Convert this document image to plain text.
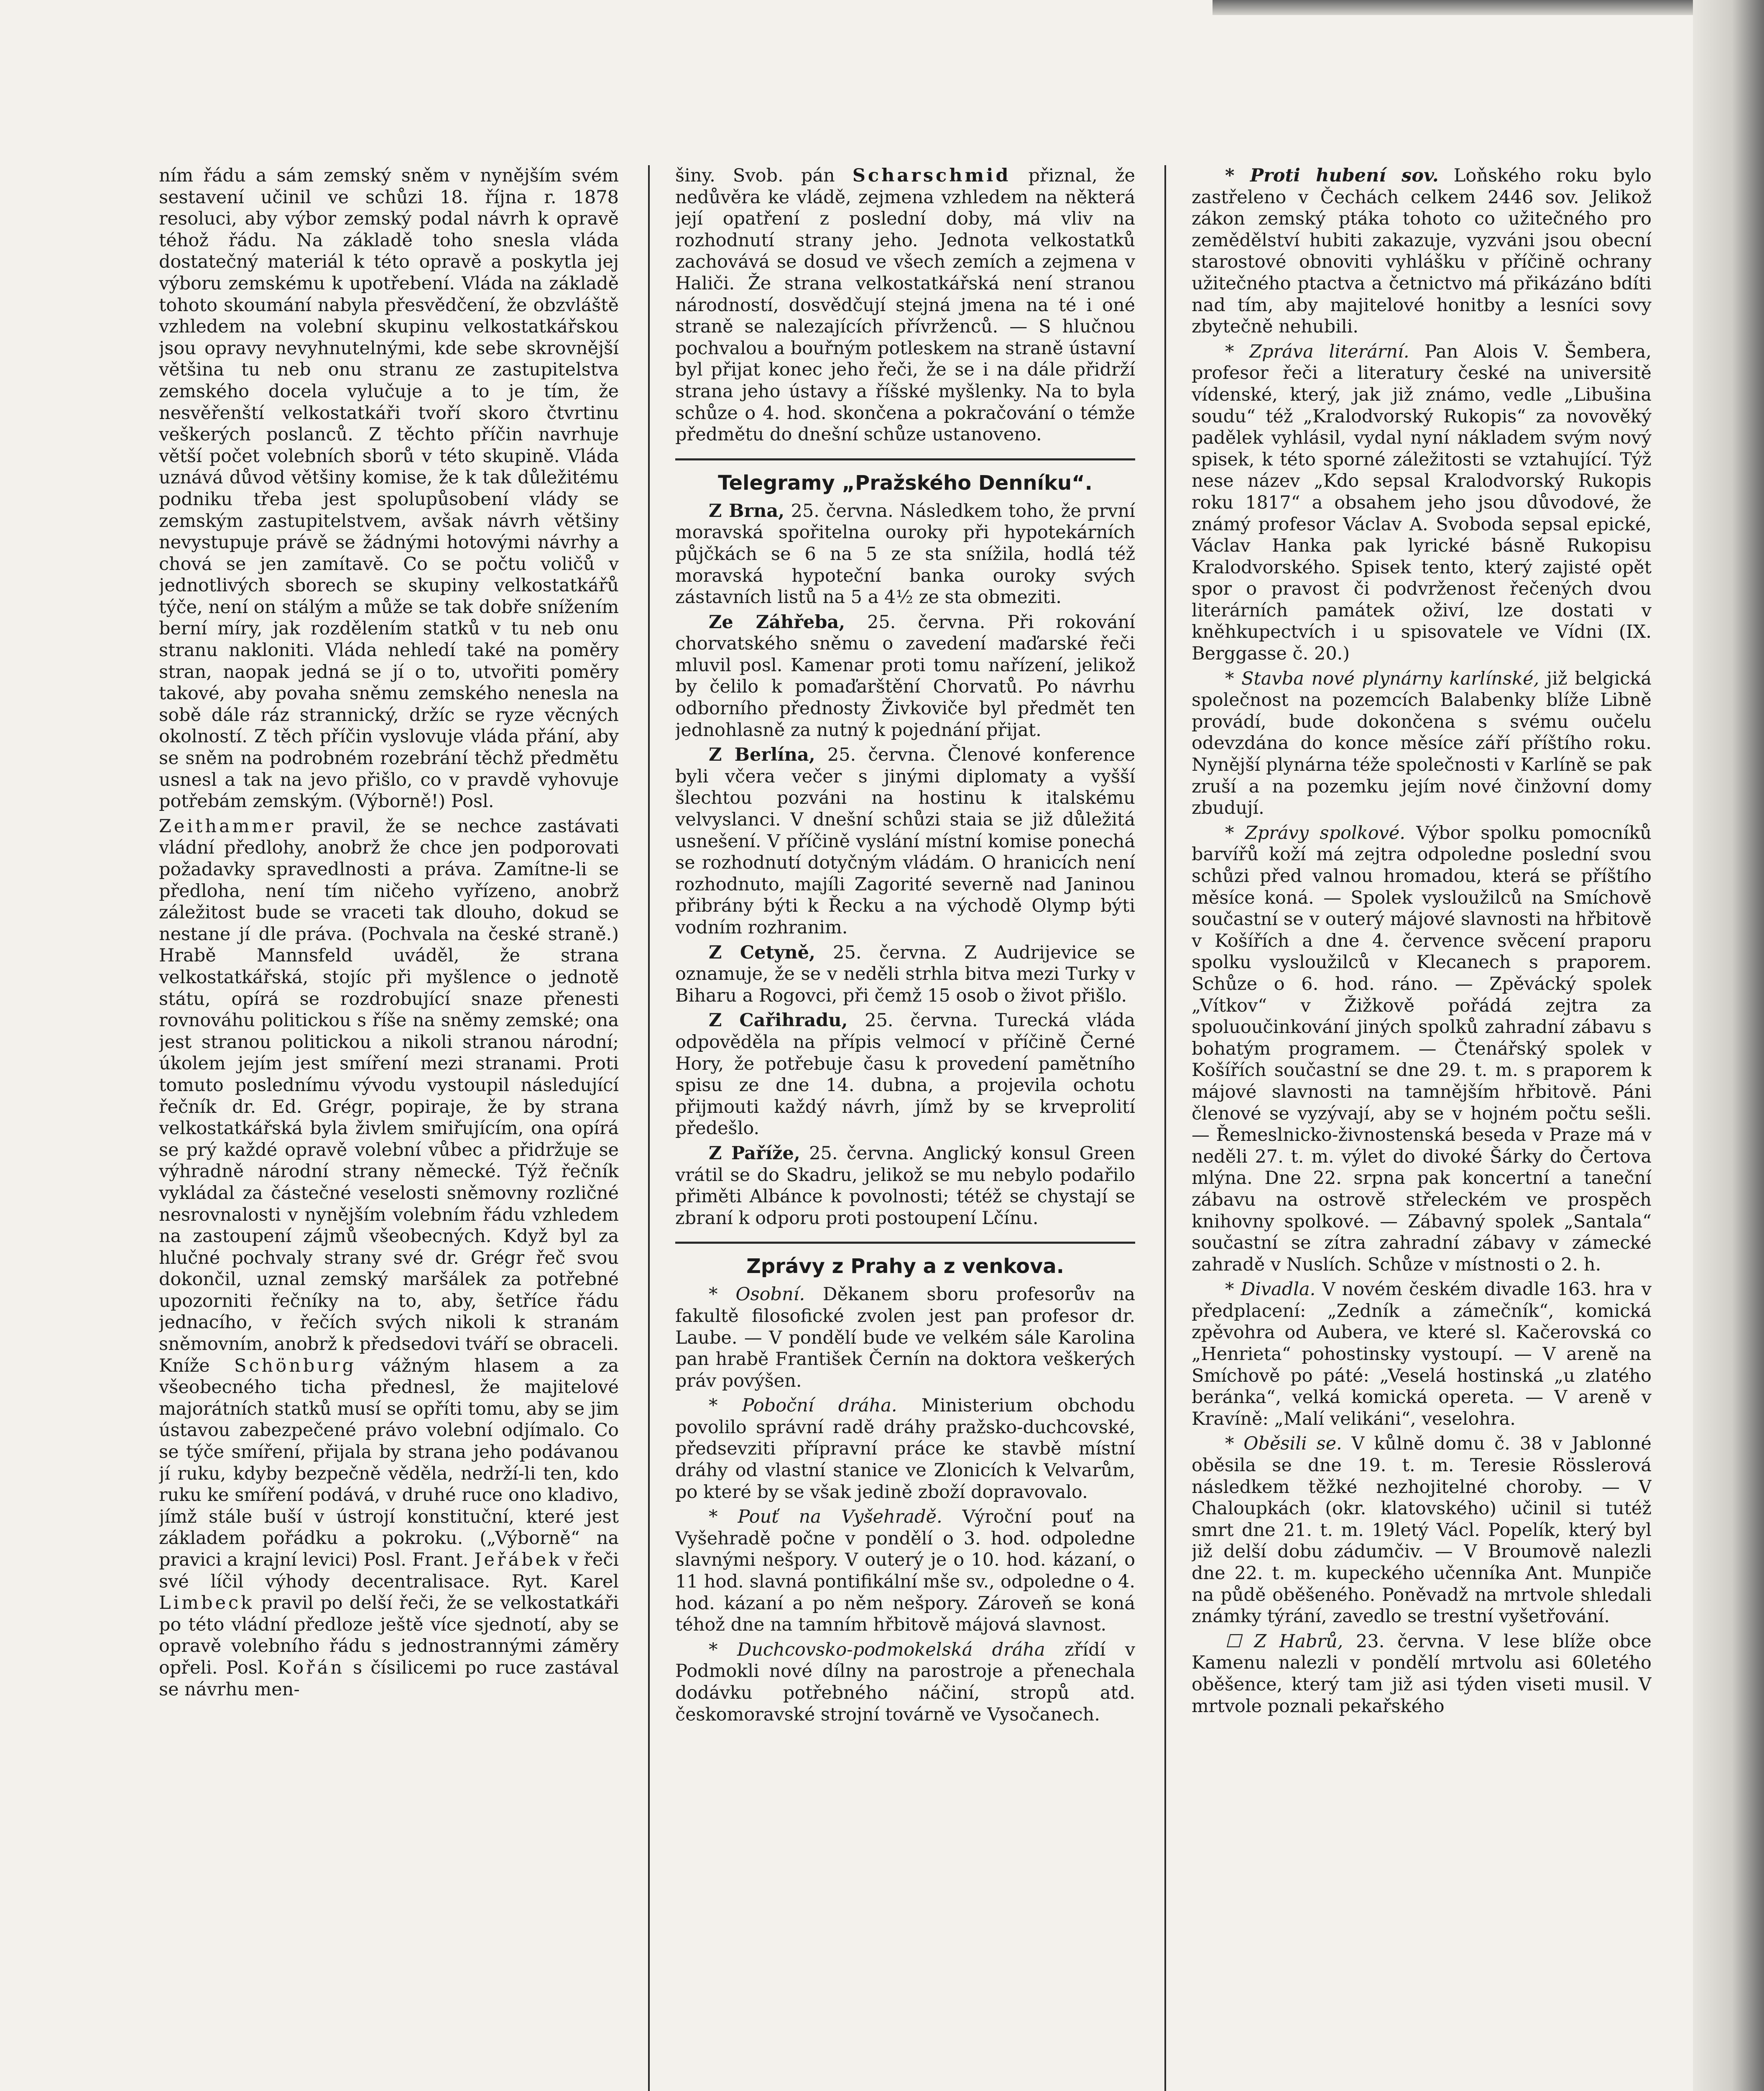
ním řádu a sám zemský sněm v nynějším svém sestavení učinil ve schůzi 18. října r. 1878 resoluci, aby výbor zemský podal návrh k opravě téhož řádu. Na základě toho snesla vláda dostatečný materiál k této opravě a poskytla jej výboru zemskému k upotřebení. Vláda na základě tohoto skoumání nabyla přesvědčení, že obzvláště vzhledem na volební skupinu velkostatkářskou jsou opravy nevyhnutelnými, kde sebe skrovnější většina tu neb onu stranu ze zastupitelstva zemského docela vylučuje a to je tím, že nesvěřenští velkostatkáři tvoří skoro čtvrtinu veškerých poslanců. Z těchto příčin navrhuje větší počet volebních sborů v této skupině. Vláda uznává důvod většiny komise, že k tak důležitému podniku třeba jest spolupůsobení vlády se zemským zastupitelstvem, avšak návrh většiny nevystupuje právě se žádnými hotovými návrhy a chová se jen zamítavě. Co se počtu voličů v jednotlivých sborech se skupiny velkostatkářů týče, není on stálým a může se tak dobře snížením berní míry, jak rozdělením statků v tu neb onu stranu nakloniti. Vláda nehledí také na poměry stran, naopak jedná se jí o to, utvořiti poměry takové, aby povaha sněmu zemského nenesla na sobě dále ráz strannický, držíc se ryze věcných okolností. Z těch příčin vyslovuje vláda přání, aby se sněm na podrobném rozebrání těchž předmětu usnesl a tak na jevo přišlo, co v pravdě vyhovuje potřebám zemským. (Výborně!) Posl.

Zeithammer pravil, že se nechce zastávati vládní předlohy, anobrž že chce jen podporovati požadavky spravedlnosti a práva. Zamítne-li se předloha, není tím ničeho vyřízeno, anobrž záležitost bude se vraceti tak dlouho, dokud se nestane jí dle práva. (Pochvala na české straně.) Hrabě Mannsfeld uváděl, že strana velkostatkářská, stojíc při myšlence o jednotě státu, opírá se rozdrobující snaze přenesti rovnováhu politickou s říše na sněmy zemské; ona jest stranou politickou a nikoli stranou národní; úkolem jejím jest smíření mezi stranami. Proti tomuto poslednímu vývodu vystoupil následující řečník dr. Ed. Grégr, popiraje, že by strana velkostatkářská byla živlem smiřujícím, ona opírá se prý každé opravě volební vůbec a přidržuje se výhradně národní strany německé. Týž řečník vykládal za částečné veselosti sněmovny rozličné nesrovnalosti v nynějším volebním řádu vzhledem na zastoupení zájmů všeobecných. Když byl za hlučné pochvaly strany své dr. Grégr řeč svou dokončil, uznal zemský maršálek za potřebné upozorniti řečníky na to, aby, šetříce řádu jednacího, v řečích svých nikoli k stranám sněmovním, anobrž k předsedovi tváří se obraceli. Kníže Schönburg vážným hlasem a za všeobecného ticha přednesl, že majitelové majorátních statků musí se opříti tomu, aby se jim ústavou zabezpečené právo volební odjímalo. Co se týče smíření, přijala by strana jeho podávanou jí ruku, kdyby bezpečně věděla, nedrží-li ten, kdo ruku ke smíření podává, v druhé ruce ono kladivo, jímž stále buší v ústrojí konstituční, které jest základem pořádku a pokroku. („Výborně“ na pravici a krajní levici) Posl. Frant. Jeřábek v řeči své líčil výhody decentralisace. Ryt. Karel Limbeck pravil po delší řeči, že se velkostatkáři po této vládní předloze ještě více sjednotí, aby se opravě volebního řádu s jednostrannými záměry opřeli. Posl. Kořán s čísilicemi po ruce zastával se návrhu men-

šiny. Svob. pán Scharschmid přiznal, že nedůvěra ke vládě, zejmena vzhledem na některá její opatření z poslední doby, má vliv na rozhodnutí strany jeho. Jednota velkostatků zachovává se dosud ve všech zemích a zejmena v Haliči. Že strana velkostatkářská není stranou národností, dosvědčují stejná jmena na té i oné straně se nalezajících přívrženců. — S hlučnou pochvalou a bouřným potleskem na straně ústavní byl přijat konec jeho řeči, že se i na dále přidrží strana jeho ústavy a říšské myšlenky. Na to byla schůze o 4. hod. skončena a pokračování o témže předmětu do dnešní schůze ustanoveno.

Telegramy „Pražského Denníku“.

Z Brna, 25. června. Následkem toho, že první moravská spořitelna ouroky při hypotekárních půjčkách se 6 na 5 ze sta snížila, hodlá též moravská hypoteční banka ouroky svých zástavních listů na 5 a 4½ ze sta obmeziti.

Ze Záhřeba, 25. června. Při rokování chorvatského sněmu o zavedení maďarské řeči mluvil posl. Kamenar proti tomu nařízení, jelikož by čelilo k pomaďarštění Chorvatů. Po návrhu odborního přednosty Živkoviče byl předmět ten jednohlasně za nutný k pojednání přijat.

Z Berlína, 25. června. Členové konference byli včera večer s jinými diplomaty a vyšší šlechtou pozváni na hostinu k italskému velvyslanci. V dnešní schůzi staia se již důležitá usnešení. V příčině vyslání místní komise ponechá se rozhodnutí dotyčným vládám. O hranicích není rozhodnuto, majíli Zagorité severně nad Janinou přibrány býti k Řecku a na východě Olymp býti vodním rozhranim.

Z Cetyně, 25. června. Z Audrijevice se oznamuje, že se v neděli strhla bitva mezi Turky v Biharu a Rogovci, při čemž 15 osob o život přišlo.

Z Cařihradu, 25. června. Turecká vláda odpověděla na přípis velmocí v příčině Černé Hory, že potřebuje času k provedení pamětního spisu ze dne 14. dubna, a projevila ochotu přijmouti každý návrh, jímž by se krveprolití předešlo.

Z Paříže, 25. června. Anglický konsul Green vrátil se do Skadru, jelikož se mu nebylo podařilo přiměti Albánce k povolnosti; tétéž se chystají se zbraní k odporu proti postoupení Lčínu.

Zprávy z Prahy a z venkova.

* Osobní. Děkanem sboru profesorův na fakultě filosofické zvolen jest pan profesor dr. Laube. — V pondělí bude ve velkém sále Karolina pan hrabě František Černín na doktora veškerých práv povýšen.

* Poboční dráha. Ministerium obchodu povolilo správní radě dráhy pražsko-duchcovské, předsevziti přípravní práce ke stavbě místní dráhy od vlastní stanice ve Zlonicích k Velvarům, po které by se však jedině zboží dopravovalo.

* Pouť na Vyšehradě. Výroční pouť na Vyšehradě počne v pondělí o 3. hod. odpoledne slavnými nešpory. V outerý je o 10. hod. kázaní, o 11 hod. slavná pontifikální mše sv., odpoledne o 4. hod. kázaní a po něm nešpory. Zároveň se koná téhož dne na tamním hřbitově májová slavnost.

* Duchcovsko-podmokelská dráha zřídí v Podmokli nové dílny na parostroje a přenechala dodávku potřebného náčiní, stropů atd. českomoravské strojní továrně ve Vysočanech.

* Proti hubení sov. Loňského roku bylo zastřeleno v Čechách celkem 2446 sov. Jelikož zákon zemský ptáka tohoto co užitečného pro zemědělství hubiti zakazuje, vyzváni jsou obecní starostové obnoviti vyhlášku v příčině ochrany užitečného ptactva a četnictvo má přikázáno bdíti nad tím, aby majitelové honitby a lesníci sovy zbytečně nehubili.

* Zpráva literární. Pan Alois V. Šembera, profesor řeči a literatury české na universitě vídenské, který, jak již známo, vedle „Libušina soudu“ též „Kralodvorský Rukopis“ za novověký padělek vyhlásil, vydal nyní nákladem svým nový spisek, k této sporné záležitosti se vztahující. Týž nese název „Kdo sepsal Kralodvorský Rukopis roku 1817“ a obsahem jeho jsou důvodové, že známý profesor Václav A. Svoboda sepsal epické, Václav Hanka pak lyrické básně Rukopisu Kralodvorského. Spisek tento, který zajisté opět spor o pravost či podvrženost řečených dvou literárních památek oživí, lze dostati v kněhkupectvích i u spisovatele ve Vídni (IX. Berggasse č. 20.)

* Stavba nové plynárny karlínské, již belgická společnost na pozemcích Balabenky blíže Libně provádí, bude dokončena s svému oučelu odevzdána do konce měsíce září příštího roku. Nynější plynárna téže společnosti v Karlíně se pak zruší a na pozemku jejím nové činžovní domy zbudují.

* Zprávy spolkové. Výbor spolku pomocníků barvířů koží má zejtra odpoledne poslední svou schůzi před valnou hromadou, která se příštího měsíce koná. — Spolek vysloužilců na Smíchově součastní se v outerý májové slavnosti na hřbitově v Košířích a dne 4. července svěcení praporu spolku vysloužilců v Klecanech s praporem. Schůze o 6. hod. ráno. — Zpěvácký spolek „Vítkov“ v Žižkově pořádá zejtra za spoluoučinkování jiných spolků zahradní zábavu s bohatým programem. — Čtenářský spolek v Košířích součastní se dne 29. t. m. s praporem k májové slavnosti na tamnějším hřbitově. Páni členové se vyzývají, aby se v hojném počtu sešli. — Řemeslnicko-živnostenská beseda v Praze má v neděli 27. t. m. výlet do divoké Šárky do Čertova mlýna. Dne 22. srpna pak koncertní a taneční zábavu na ostrově střeleckém ve prospěch knihovny spolkové. — Zábavný spolek „Santala“ součastní se zítra zahradní zábavy v zámecké zahradě v Nuslích. Schůze v místnosti o 2. h.

* Divadla. V novém českém divadle 163. hra v předplacení: „Zedník a zámečník“, komická zpěvohra od Aubera, ve které sl. Kačerovská co „Henrieta“ pohostinsky vystoupí. — V areně na Smíchově po páté: „Veselá hostinská „u zlatého beránka“, velká komická opereta. — V areně v Kravíně: „Malí velikáni“, veselohra.

* Oběsili se. V kůlně domu č. 38 v Jablonné oběsila se dne 19. t. m. Teresie Rösslerová následkem těžké nezhojitelné choroby. — V Chaloupkách (okr. klatovského) učinil si tutéž smrt dne 21. t. m. 19letý Václ. Popelík, který byl již delší dobu zádumčiv. — V Broumově nalezli dne 22. t. m. kupeckého učenníka Ant. Munpiče na půdě oběšeného. Poněvadž na mrtvole shledali známky týrání, zavedlo se trestní vyšetřování.

☐ Z Habrů, 23. června. V lese blíže obce Kamenu nalezli v pondělí mrtvolu asi 60letého oběšence, který tam již asi týden viseti musil. V mrtvole poznali pekařského
